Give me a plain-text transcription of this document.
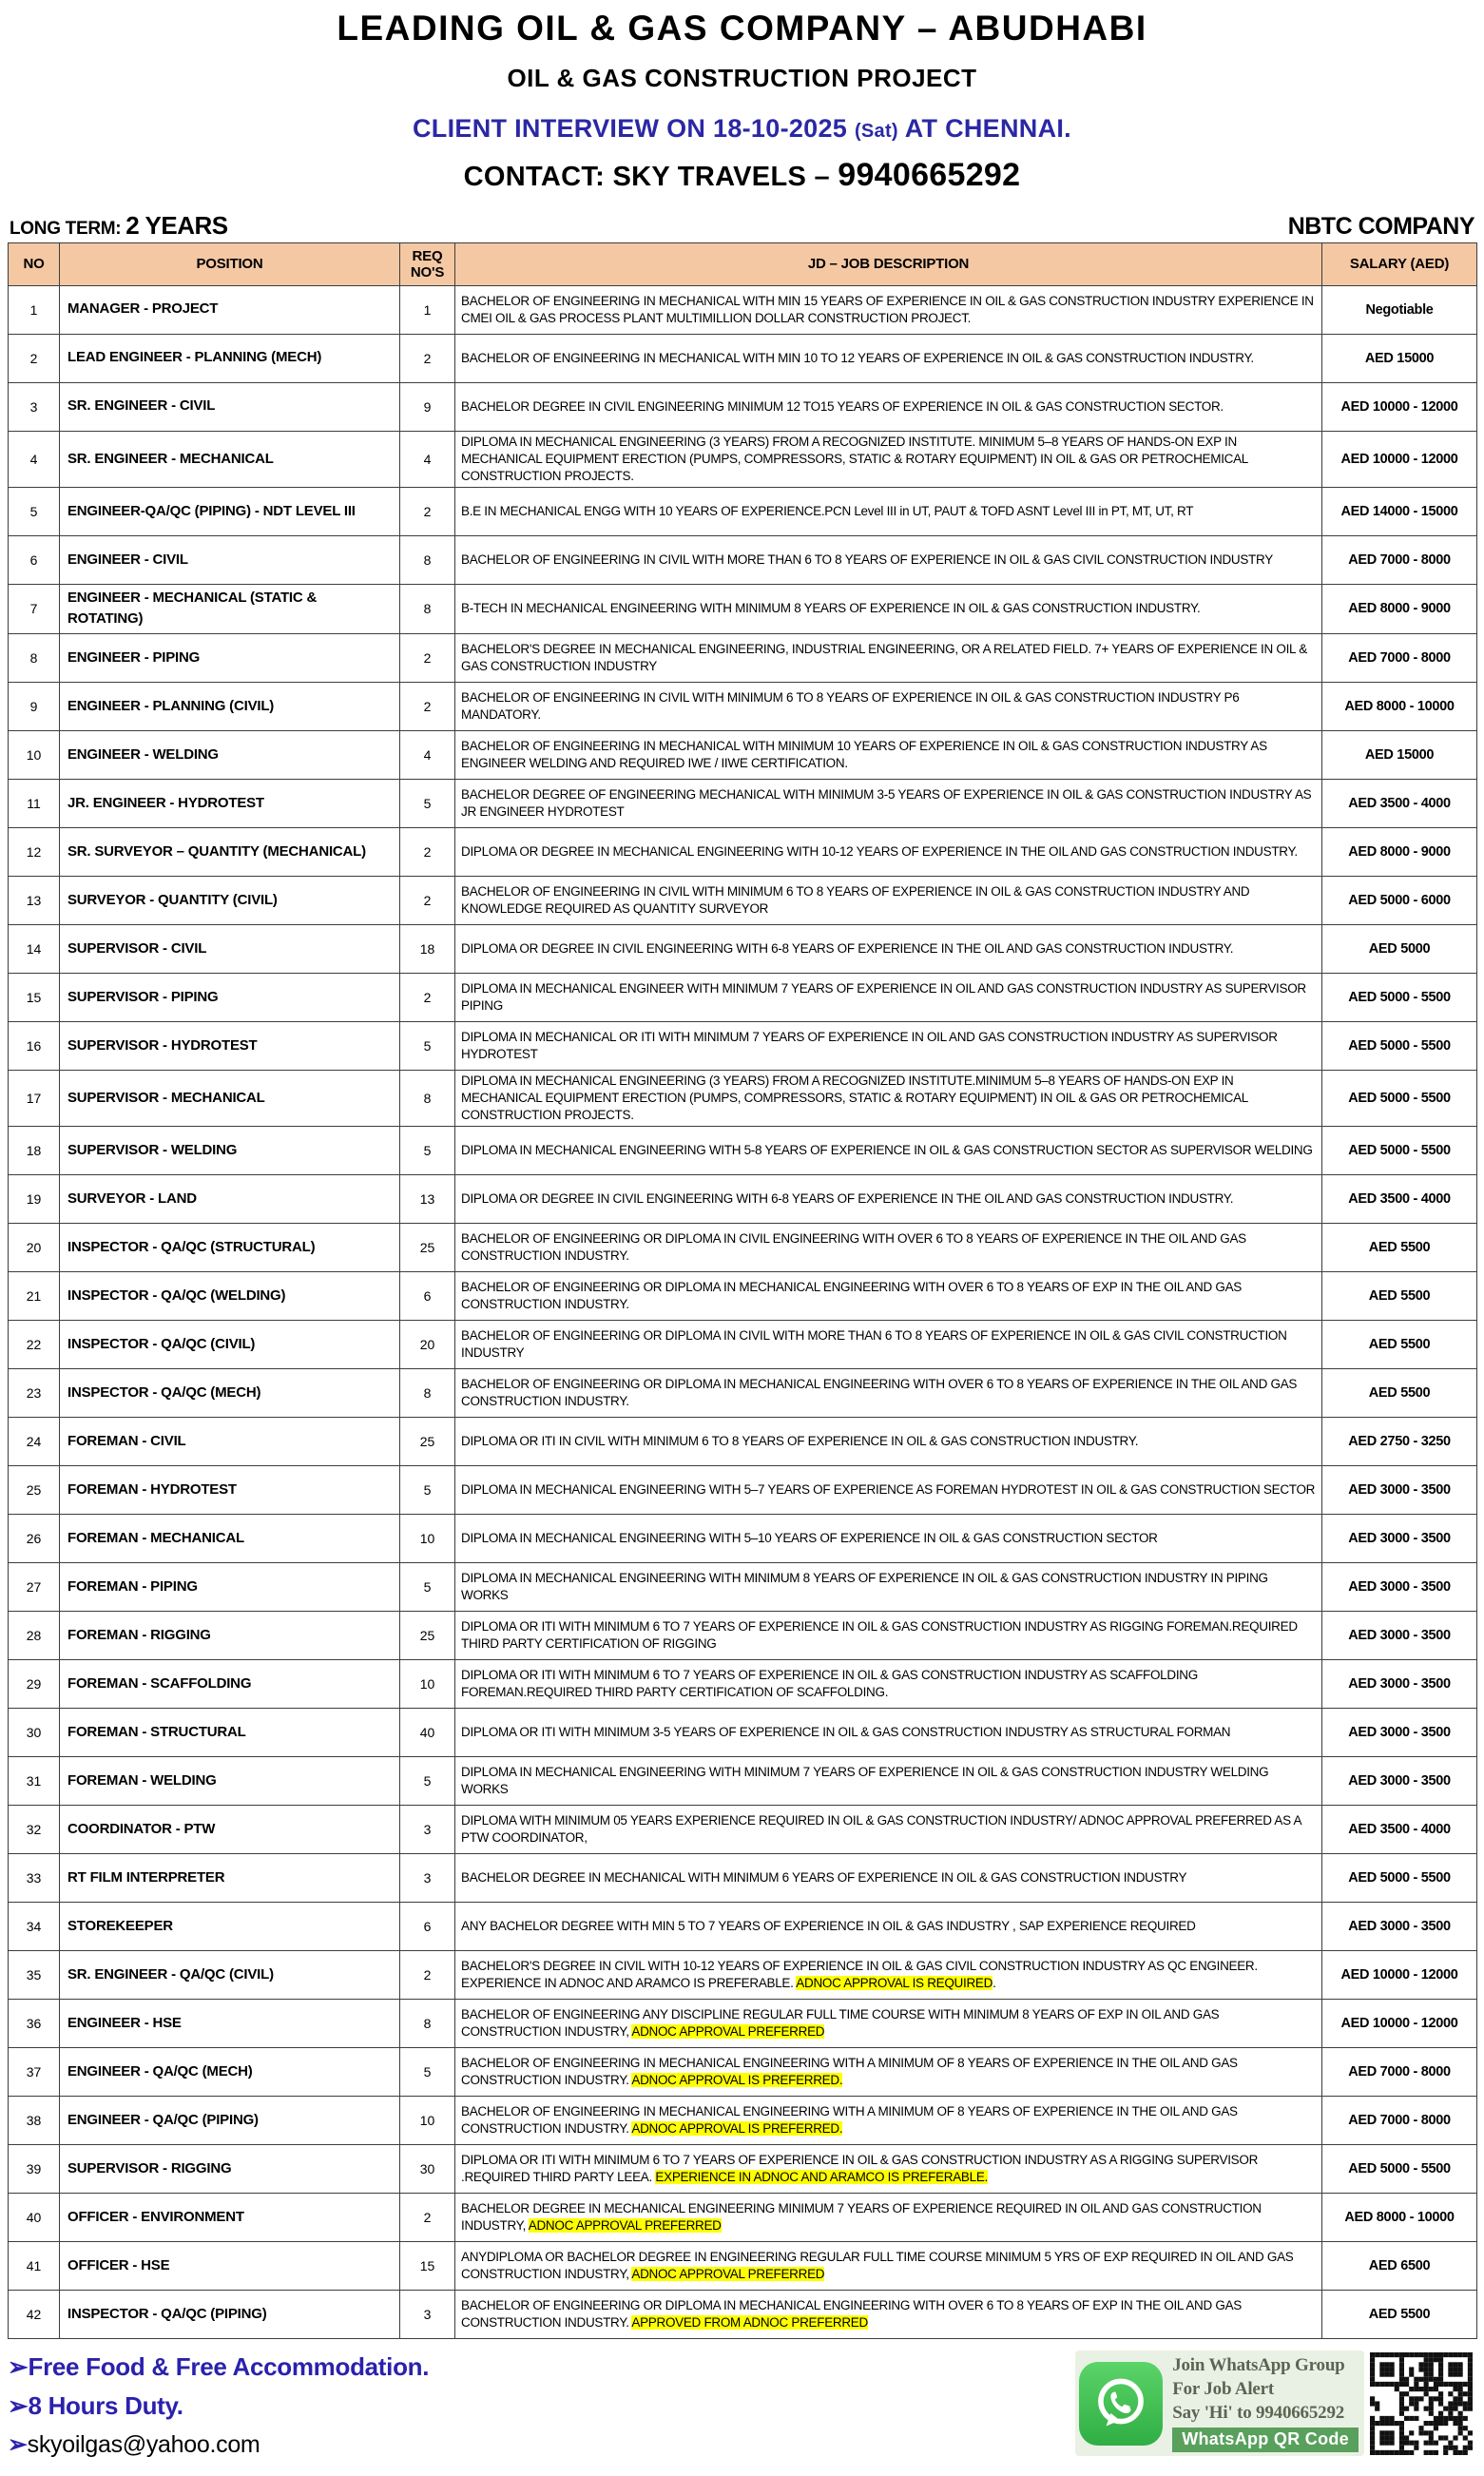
LEADING OIL & GAS COMPANY – ABUDHABI
OIL & GAS CONSTRUCTION PROJECT
CLIENT INTERVIEW ON 18-10-2025 (Sat) AT CHENNAI.
CONTACT: SKY TRAVELS – 9940665292
LONG TERM: 2 YEARS	NBTC COMPANY
NO	POSITION	REQ NO'S	JD – JOB DESCRIPTION	SALARY (AED)
1	MANAGER - PROJECT	1	BACHELOR OF ENGINEERING IN MECHANICAL WITH MIN 15 YEARS OF EXPERIENCE IN OIL & GAS CONSTRUCTION INDUSTRY EXPERIENCE IN CMEI OIL & GAS PROCESS PLANT MULTIMILLION DOLLAR CONSTRUCTION PROJECT.	Negotiable
2	LEAD ENGINEER - PLANNING (MECH)	2	BACHELOR OF ENGINEERING IN MECHANICAL WITH MIN 10 TO 12 YEARS OF EXPERIENCE IN OIL & GAS CONSTRUCTION INDUSTRY.	AED 15000
3	SR. ENGINEER - CIVIL	9	BACHELOR DEGREE IN CIVIL ENGINEERING MINIMUM 12 TO15 YEARS OF EXPERIENCE IN OIL & GAS CONSTRUCTION SECTOR.	AED 10000 - 12000
4	SR. ENGINEER - MECHANICAL	4	DIPLOMA IN MECHANICAL ENGINEERING (3 YEARS) FROM A RECOGNIZED INSTITUTE. MINIMUM 5–8 YEARS OF HANDS-ON EXP IN MECHANICAL EQUIPMENT ERECTION (PUMPS, COMPRESSORS, STATIC & ROTARY EQUIPMENT) IN OIL & GAS OR PETROCHEMICAL CONSTRUCTION PROJECTS.	AED 10000 - 12000
5	ENGINEER-QA/QC (PIPING) - NDT LEVEL III	2	B.E IN MECHANICAL ENGG WITH 10 YEARS OF EXPERIENCE.PCN Level III in UT, PAUT & TOFD ASNT Level III in PT, MT, UT, RT	AED 14000 - 15000
6	ENGINEER - CIVIL	8	BACHELOR OF ENGINEERING IN CIVIL WITH MORE THAN 6 TO 8 YEARS OF EXPERIENCE IN OIL & GAS CIVIL CONSTRUCTION INDUSTRY	AED 7000 - 8000
7	ENGINEER - MECHANICAL (STATIC & ROTATING)	8	B-TECH IN MECHANICAL ENGINEERING WITH MINIMUM 8 YEARS OF EXPERIENCE IN OIL & GAS CONSTRUCTION INDUSTRY.	AED 8000 - 9000
8	ENGINEER - PIPING	2	BACHELOR'S DEGREE IN MECHANICAL ENGINEERING, INDUSTRIAL ENGINEERING, OR A RELATED FIELD. 7+ YEARS OF EXPERIENCE IN OIL & GAS CONSTRUCTION INDUSTRY	AED 7000 - 8000
9	ENGINEER - PLANNING (CIVIL)	2	BACHELOR OF ENGINEERING IN CIVIL WITH MINIMUM 6 TO 8 YEARS OF EXPERIENCE IN OIL & GAS CONSTRUCTION INDUSTRY P6 MANDATORY.	AED 8000 - 10000
10	ENGINEER - WELDING	4	BACHELOR OF ENGINEERING IN MECHANICAL WITH MINIMUM 10 YEARS OF EXPERIENCE IN OIL & GAS CONSTRUCTION INDUSTRY AS ENGINEER WELDING AND REQUIRED IWE / IIWE CERTIFICATION.	AED 15000
11	JR. ENGINEER - HYDROTEST	5	BACHELOR DEGREE OF ENGINEERING MECHANICAL WITH MINIMUM 3-5 YEARS OF EXPERIENCE IN OIL & GAS CONSTRUCTION INDUSTRY AS JR ENGINEER HYDROTEST	AED 3500 - 4000
12	SR. SURVEYOR – QUANTITY (MECHANICAL)	2	DIPLOMA OR DEGREE IN MECHANICAL ENGINEERING WITH 10-12 YEARS OF EXPERIENCE IN THE OIL AND GAS CONSTRUCTION INDUSTRY.	AED 8000 - 9000
13	SURVEYOR - QUANTITY (CIVIL)	2	BACHELOR OF ENGINEERING IN CIVIL WITH MINIMUM 6 TO 8 YEARS OF EXPERIENCE IN OIL & GAS CONSTRUCTION INDUSTRY AND KNOWLEDGE REQUIRED AS QUANTITY SURVEYOR	AED 5000 - 6000
14	SUPERVISOR - CIVIL	18	DIPLOMA OR DEGREE IN CIVIL ENGINEERING WITH 6-8 YEARS OF EXPERIENCE IN THE OIL AND GAS CONSTRUCTION INDUSTRY.	AED 5000
15	SUPERVISOR - PIPING	2	DIPLOMA IN MECHANICAL ENGINEER WITH MINIMUM 7 YEARS OF EXPERIENCE IN OIL AND GAS CONSTRUCTION INDUSTRY AS SUPERVISOR PIPING	AED 5000 - 5500
16	SUPERVISOR - HYDROTEST	5	DIPLOMA IN MECHANICAL OR ITI WITH MINIMUM 7 YEARS OF EXPERIENCE IN OIL AND GAS CONSTRUCTION INDUSTRY AS SUPERVISOR HYDROTEST	AED 5000 - 5500
17	SUPERVISOR - MECHANICAL	8	DIPLOMA IN MECHANICAL ENGINEERING (3 YEARS) FROM A RECOGNIZED INSTITUTE.MINIMUM 5–8 YEARS OF HANDS-ON EXP IN MECHANICAL EQUIPMENT ERECTION (PUMPS, COMPRESSORS, STATIC & ROTARY EQUIPMENT) IN OIL & GAS OR PETROCHEMICAL CONSTRUCTION PROJECTS.	AED 5000 - 5500
18	SUPERVISOR - WELDING	5	DIPLOMA IN MECHANICAL ENGINEERING WITH 5-8 YEARS OF EXPERIENCE IN OIL & GAS CONSTRUCTION SECTOR AS SUPERVISOR WELDING	AED 5000 - 5500
19	SURVEYOR - LAND	13	DIPLOMA OR DEGREE IN CIVIL ENGINEERING WITH 6-8 YEARS OF EXPERIENCE IN THE OIL AND GAS CONSTRUCTION INDUSTRY.	AED 3500 - 4000
20	INSPECTOR - QA/QC (STRUCTURAL)	25	BACHELOR OF ENGINEERING OR DIPLOMA IN CIVIL ENGINEERING WITH OVER 6 TO 8 YEARS OF EXPERIENCE IN THE OIL AND GAS CONSTRUCTION INDUSTRY.	AED 5500
21	INSPECTOR - QA/QC (WELDING)	6	BACHELOR OF ENGINEERING OR DIPLOMA IN MECHANICAL ENGINEERING WITH OVER 6 TO 8 YEARS OF EXP IN THE OIL AND GAS CONSTRUCTION INDUSTRY.	AED 5500
22	INSPECTOR - QA/QC (CIVIL)	20	BACHELOR OF ENGINEERING OR DIPLOMA IN CIVIL WITH MORE THAN 6 TO 8 YEARS OF EXPERIENCE IN OIL & GAS CIVIL CONSTRUCTION INDUSTRY	AED 5500
23	INSPECTOR - QA/QC (MECH)	8	BACHELOR OF ENGINEERING OR DIPLOMA IN MECHANICAL ENGINEERING WITH OVER 6 TO 8 YEARS OF EXPERIENCE IN THE OIL AND GAS CONSTRUCTION INDUSTRY.	AED 5500
24	FOREMAN - CIVIL	25	DIPLOMA OR ITI IN CIVIL WITH MINIMUM 6 TO 8 YEARS OF EXPERIENCE IN OIL & GAS CONSTRUCTION INDUSTRY.	AED 2750 - 3250
25	FOREMAN - HYDROTEST	5	DIPLOMA IN MECHANICAL ENGINEERING WITH 5–7 YEARS OF EXPERIENCE AS FOREMAN HYDROTEST IN OIL & GAS CONSTRUCTION SECTOR	AED 3000 - 3500
26	FOREMAN - MECHANICAL	10	DIPLOMA IN MECHANICAL ENGINEERING WITH 5–10 YEARS OF EXPERIENCE IN OIL & GAS CONSTRUCTION SECTOR	AED 3000 - 3500
27	FOREMAN - PIPING	5	DIPLOMA IN MECHANICAL ENGINEERING WITH MINIMUM 8 YEARS OF EXPERIENCE IN OIL & GAS CONSTRUCTION INDUSTRY IN PIPING WORKS	AED 3000 - 3500
28	FOREMAN - RIGGING	25	DIPLOMA OR ITI WITH MINIMUM 6 TO 7 YEARS OF EXPERIENCE IN OIL & GAS CONSTRUCTION INDUSTRY AS RIGGING FOREMAN.REQUIRED THIRD PARTY CERTIFICATION OF RIGGING	AED 3000 - 3500
29	FOREMAN - SCAFFOLDING	10	DIPLOMA OR ITI WITH MINIMUM 6 TO 7 YEARS OF EXPERIENCE IN OIL & GAS CONSTRUCTION INDUSTRY AS SCAFFOLDING FOREMAN.REQUIRED THIRD PARTY CERTIFICATION OF SCAFFOLDING.	AED 3000 - 3500
30	FOREMAN - STRUCTURAL	40	DIPLOMA OR ITI WITH MINIMUM 3-5 YEARS OF EXPERIENCE IN OIL & GAS CONSTRUCTION INDUSTRY AS STRUCTURAL FORMAN	AED 3000 - 3500
31	FOREMAN - WELDING	5	DIPLOMA IN MECHANICAL ENGINEERING WITH MINIMUM 7 YEARS OF EXPERIENCE IN OIL & GAS CONSTRUCTION INDUSTRY WELDING WORKS	AED 3000 - 3500
32	COORDINATOR - PTW	3	DIPLOMA WITH MINIMUM 05 YEARS EXPERIENCE REQUIRED IN OIL & GAS CONSTRUCTION INDUSTRY/ ADNOC APPROVAL PREFERRED AS A PTW COORDINATOR,	AED 3500 - 4000
33	RT FILM INTERPRETER	3	BACHELOR DEGREE IN MECHANICAL WITH MINIMUM 6 YEARS OF EXPERIENCE IN OIL & GAS CONSTRUCTION INDUSTRY	AED 5000 - 5500
34	STOREKEEPER	6	ANY BACHELOR DEGREE WITH MIN 5 TO 7 YEARS OF EXPERIENCE IN OIL & GAS INDUSTRY , SAP EXPERIENCE REQUIRED	AED 3000 - 3500
35	SR. ENGINEER - QA/QC (CIVIL)	2	BACHELOR'S DEGREE IN CIVIL WITH 10-12 YEARS OF EXPERIENCE IN OIL & GAS CIVIL CONSTRUCTION INDUSTRY AS QC ENGINEER. EXPERIENCE IN ADNOC AND ARAMCO IS PREFERABLE. ADNOC APPROVAL IS REQUIRED.	AED 10000 - 12000
36	ENGINEER - HSE	8	BACHELOR OF ENGINEERING ANY DISCIPLINE REGULAR FULL TIME COURSE WITH MINIMUM 8 YEARS OF EXP IN OIL AND GAS CONSTRUCTION INDUSTRY, ADNOC APPROVAL PREFERRED	AED 10000 - 12000
37	ENGINEER - QA/QC (MECH)	5	BACHELOR OF ENGINEERING IN MECHANICAL ENGINEERING WITH A MINIMUM OF 8 YEARS OF EXPERIENCE IN THE OIL AND GAS CONSTRUCTION INDUSTRY. ADNOC APPROVAL IS PREFERRED.	AED 7000 - 8000
38	ENGINEER - QA/QC (PIPING)	10	BACHELOR OF ENGINEERING IN MECHANICAL ENGINEERING WITH A MINIMUM OF 8 YEARS OF EXPERIENCE IN THE OIL AND GAS CONSTRUCTION INDUSTRY. ADNOC APPROVAL IS PREFERRED.	AED 7000 - 8000
39	SUPERVISOR - RIGGING	30	DIPLOMA OR ITI WITH MINIMUM 6 TO 7 YEARS OF EXPERIENCE IN OIL & GAS CONSTRUCTION INDUSTRY AS A RIGGING SUPERVISOR .REQUIRED THIRD PARTY LEEA. EXPERIENCE IN ADNOC AND ARAMCO IS PREFERABLE.	AED 5000 - 5500
40	OFFICER - ENVIRONMENT	2	BACHELOR DEGREE IN MECHANICAL ENGINEERING MINIMUM 7 YEARS OF EXPERIENCE REQUIRED IN OIL AND GAS CONSTRUCTION INDUSTRY, ADNOC APPROVAL PREFERRED	AED 8000 - 10000
41	OFFICER - HSE	15	ANYDIPLOMA OR BACHELOR DEGREE IN ENGINEERING REGULAR FULL TIME COURSE MINIMUM 5 YRS OF EXP REQUIRED IN OIL AND GAS CONSTRUCTION INDUSTRY, ADNOC APPROVAL PREFERRED	AED 6500
42	INSPECTOR - QA/QC (PIPING)	3	BACHELOR OF ENGINEERING OR DIPLOMA IN MECHANICAL ENGINEERING WITH OVER 6 TO 8 YEARS OF EXP IN THE OIL AND GAS CONSTRUCTION INDUSTRY. APPROVED FROM ADNOC PREFERRED	AED 5500
➢Free Food & Free Accommodation.
➢8 Hours Duty.
➢skyoilgas@yahoo.com
Join WhatsApp Group
For Job Alert
Say 'Hi' to 9940665292
WhatsApp QR Code
